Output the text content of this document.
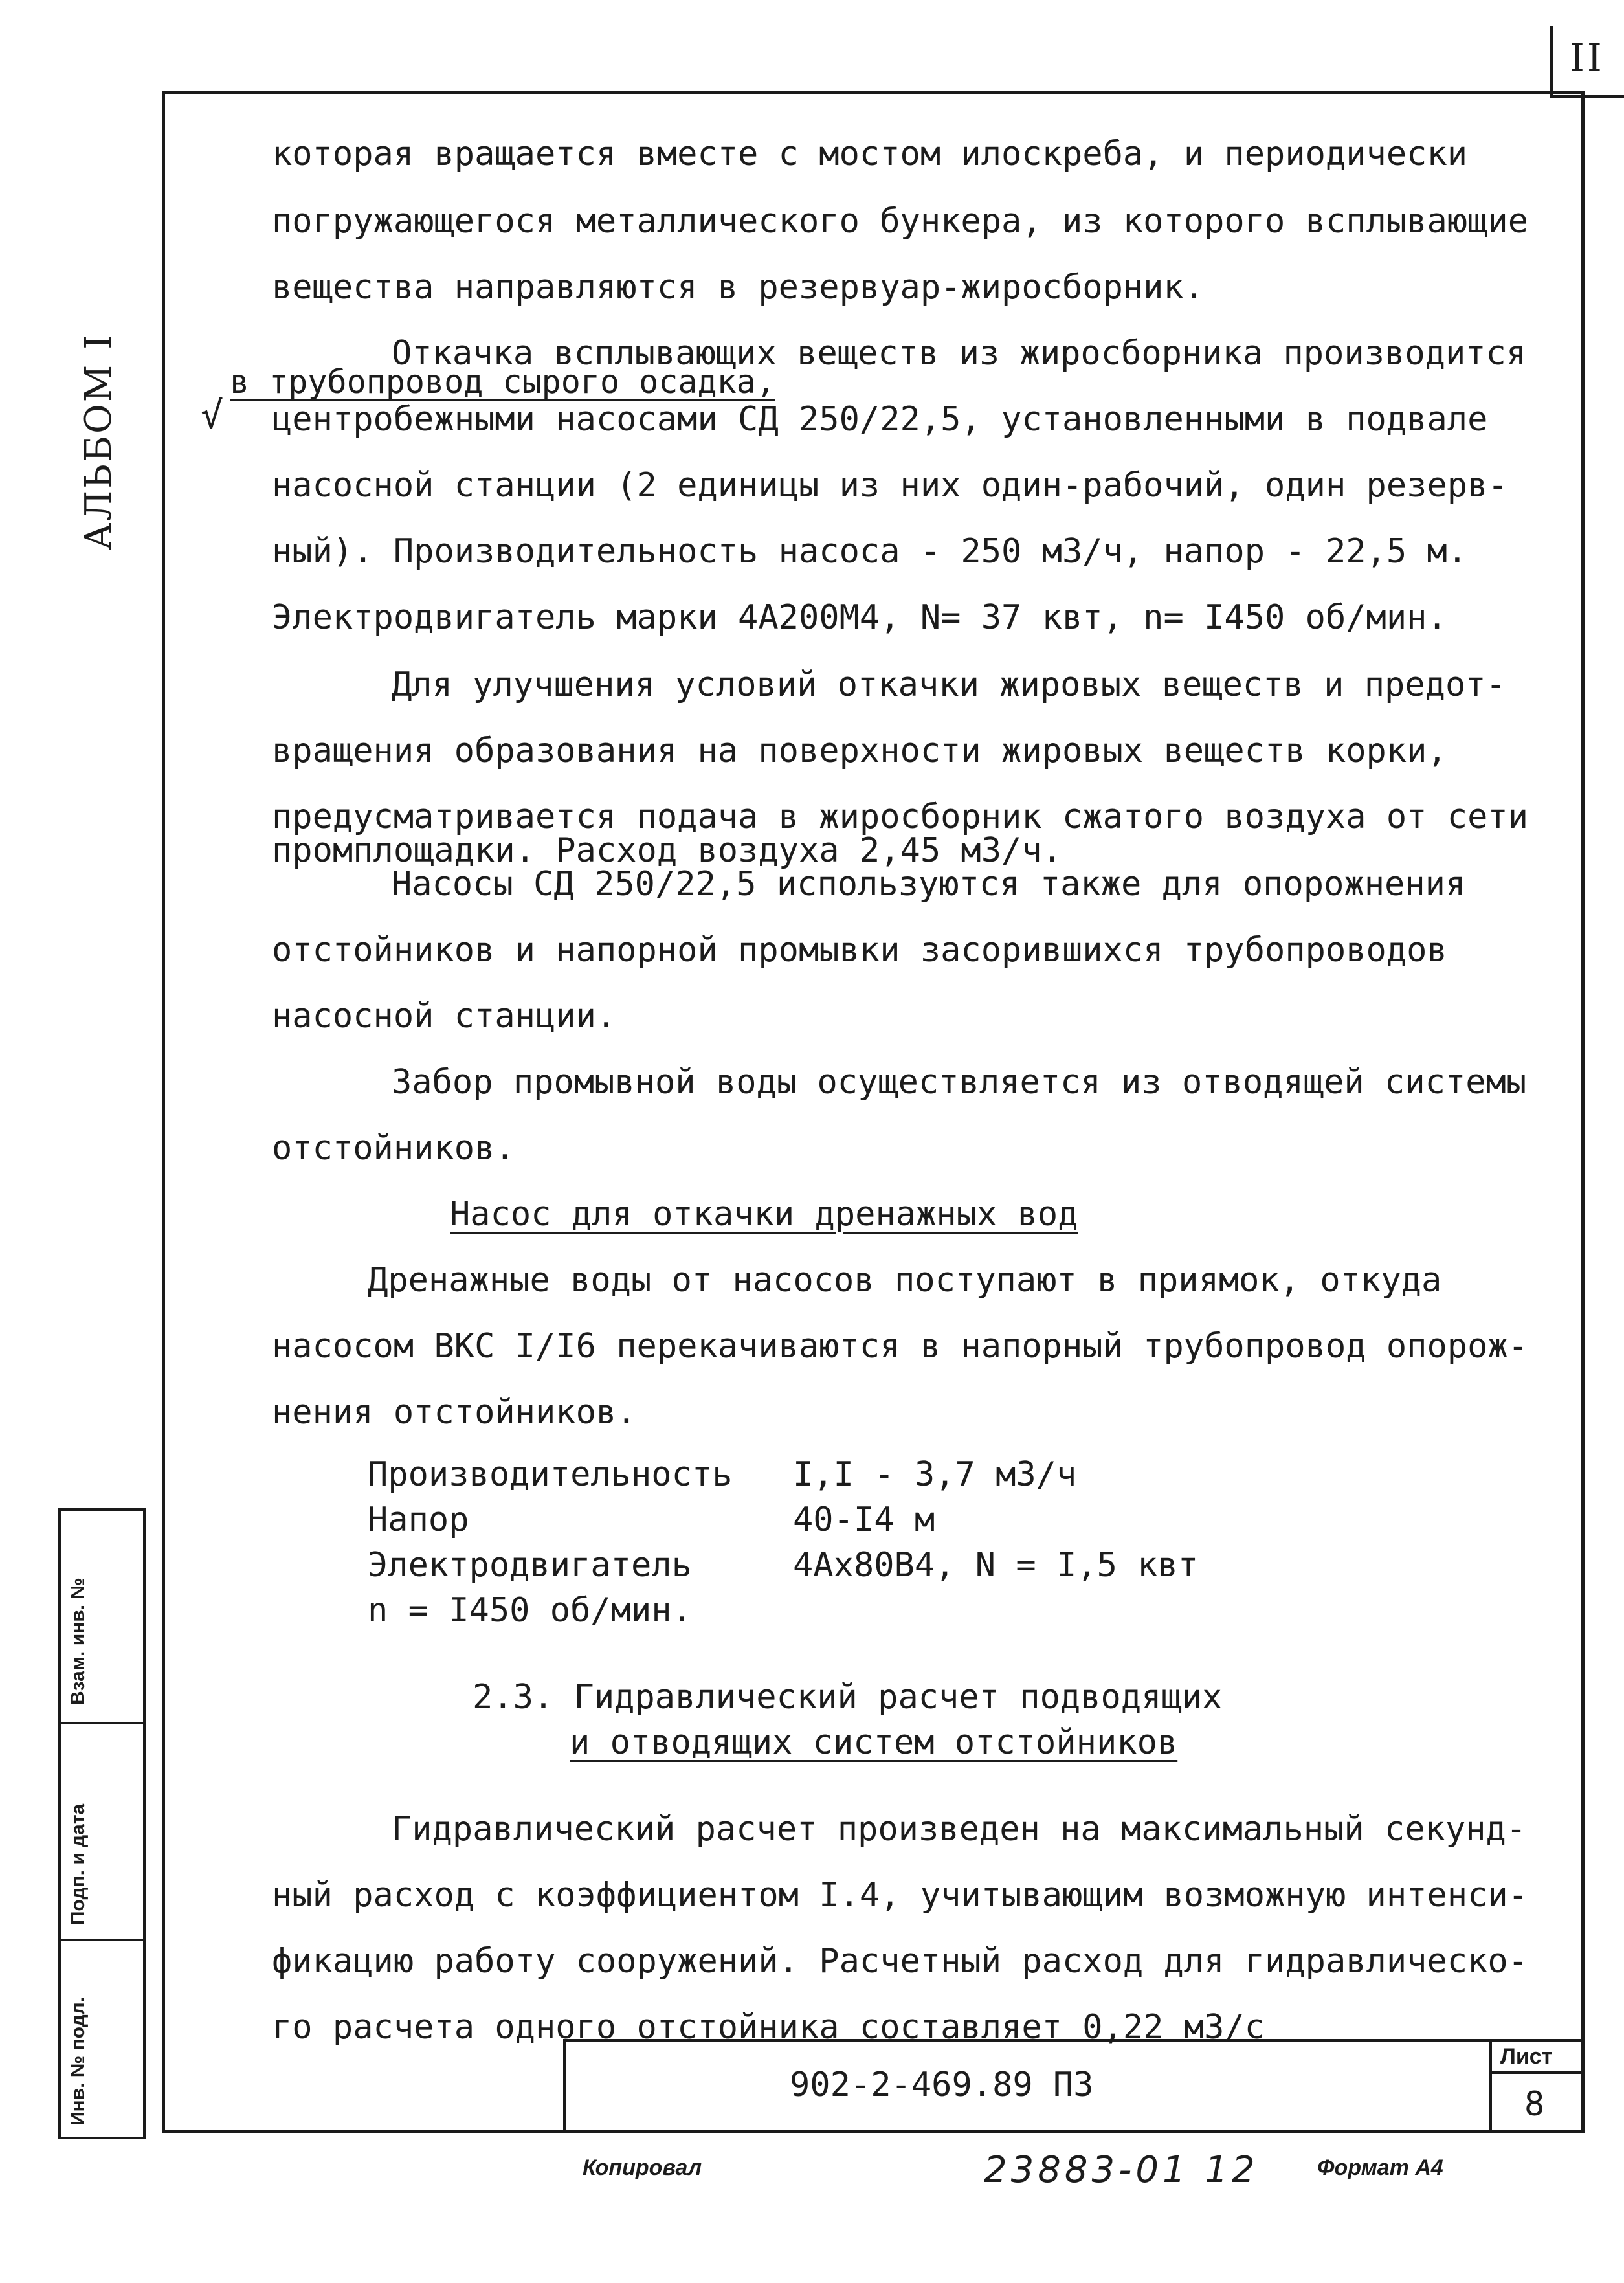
II
АЛЬБОМ I
которая вращается вместе с мостом илоскреба, и периодически
погружающегося металлического бункера, из которого всплывающие
вещества направляются в резервуар-жиросборник.
Откачка всплывающих веществ из жиросборника производится
в трубопровод сырого осадка,
√ центробежными насосами СД 250/22,5, установленными в подвале
насосной станции (2 единицы из них один-рабочий, один резерв-
ный). Производительность насоса - 250 м3/ч, напор - 22,5 м.
Электродвигатель марки 4А200М4, N= 37 квт, n= I450 об/мин.
Для улучшения условий откачки жировых веществ и предот-
вращения образования на поверхности жировых веществ корки,
предусматривается подача в жиросборник сжатого воздуха от сети
промплощадки. Расход воздуха 2,45 м3/ч.
Насосы СД 250/22,5 используются также для опорожнения
отстойников и напорной промывки засорившихся трубопроводов
насосной станции.
Забор промывной воды осуществляется из отводящей системы
отстойников.
Насос для откачки дренажных вод
Дренажные воды от насосов поступают в приямок, откуда
насосом ВКС I/I6 перекачиваются в напорный трубопровод опорож-
нения отстойников.
Производительность I,I - 3,7 м3/ч
Напор	40-I4 м
Электродвигатель	4Аx80В4, N = I,5 квт
n = I450 об/мин.
2.3. Гидравлический расчет подводящих
и отводящих систем отстойников
Гидравлический расчет произведен на максимальный секунд-
ный расход с коэффициентом I.4, учитывающим возможную интенси-
фикацию работу сооружений. Расчетный расход для гидравлическо-
го расчета одного отстойника составляет 0,22 м3/с
Взам. инв. №
Подп. и дата
Инв. № подл.	902-2-469.89 ПЗ
Лист
8
Копировал	23883-01 12	Формат А4
